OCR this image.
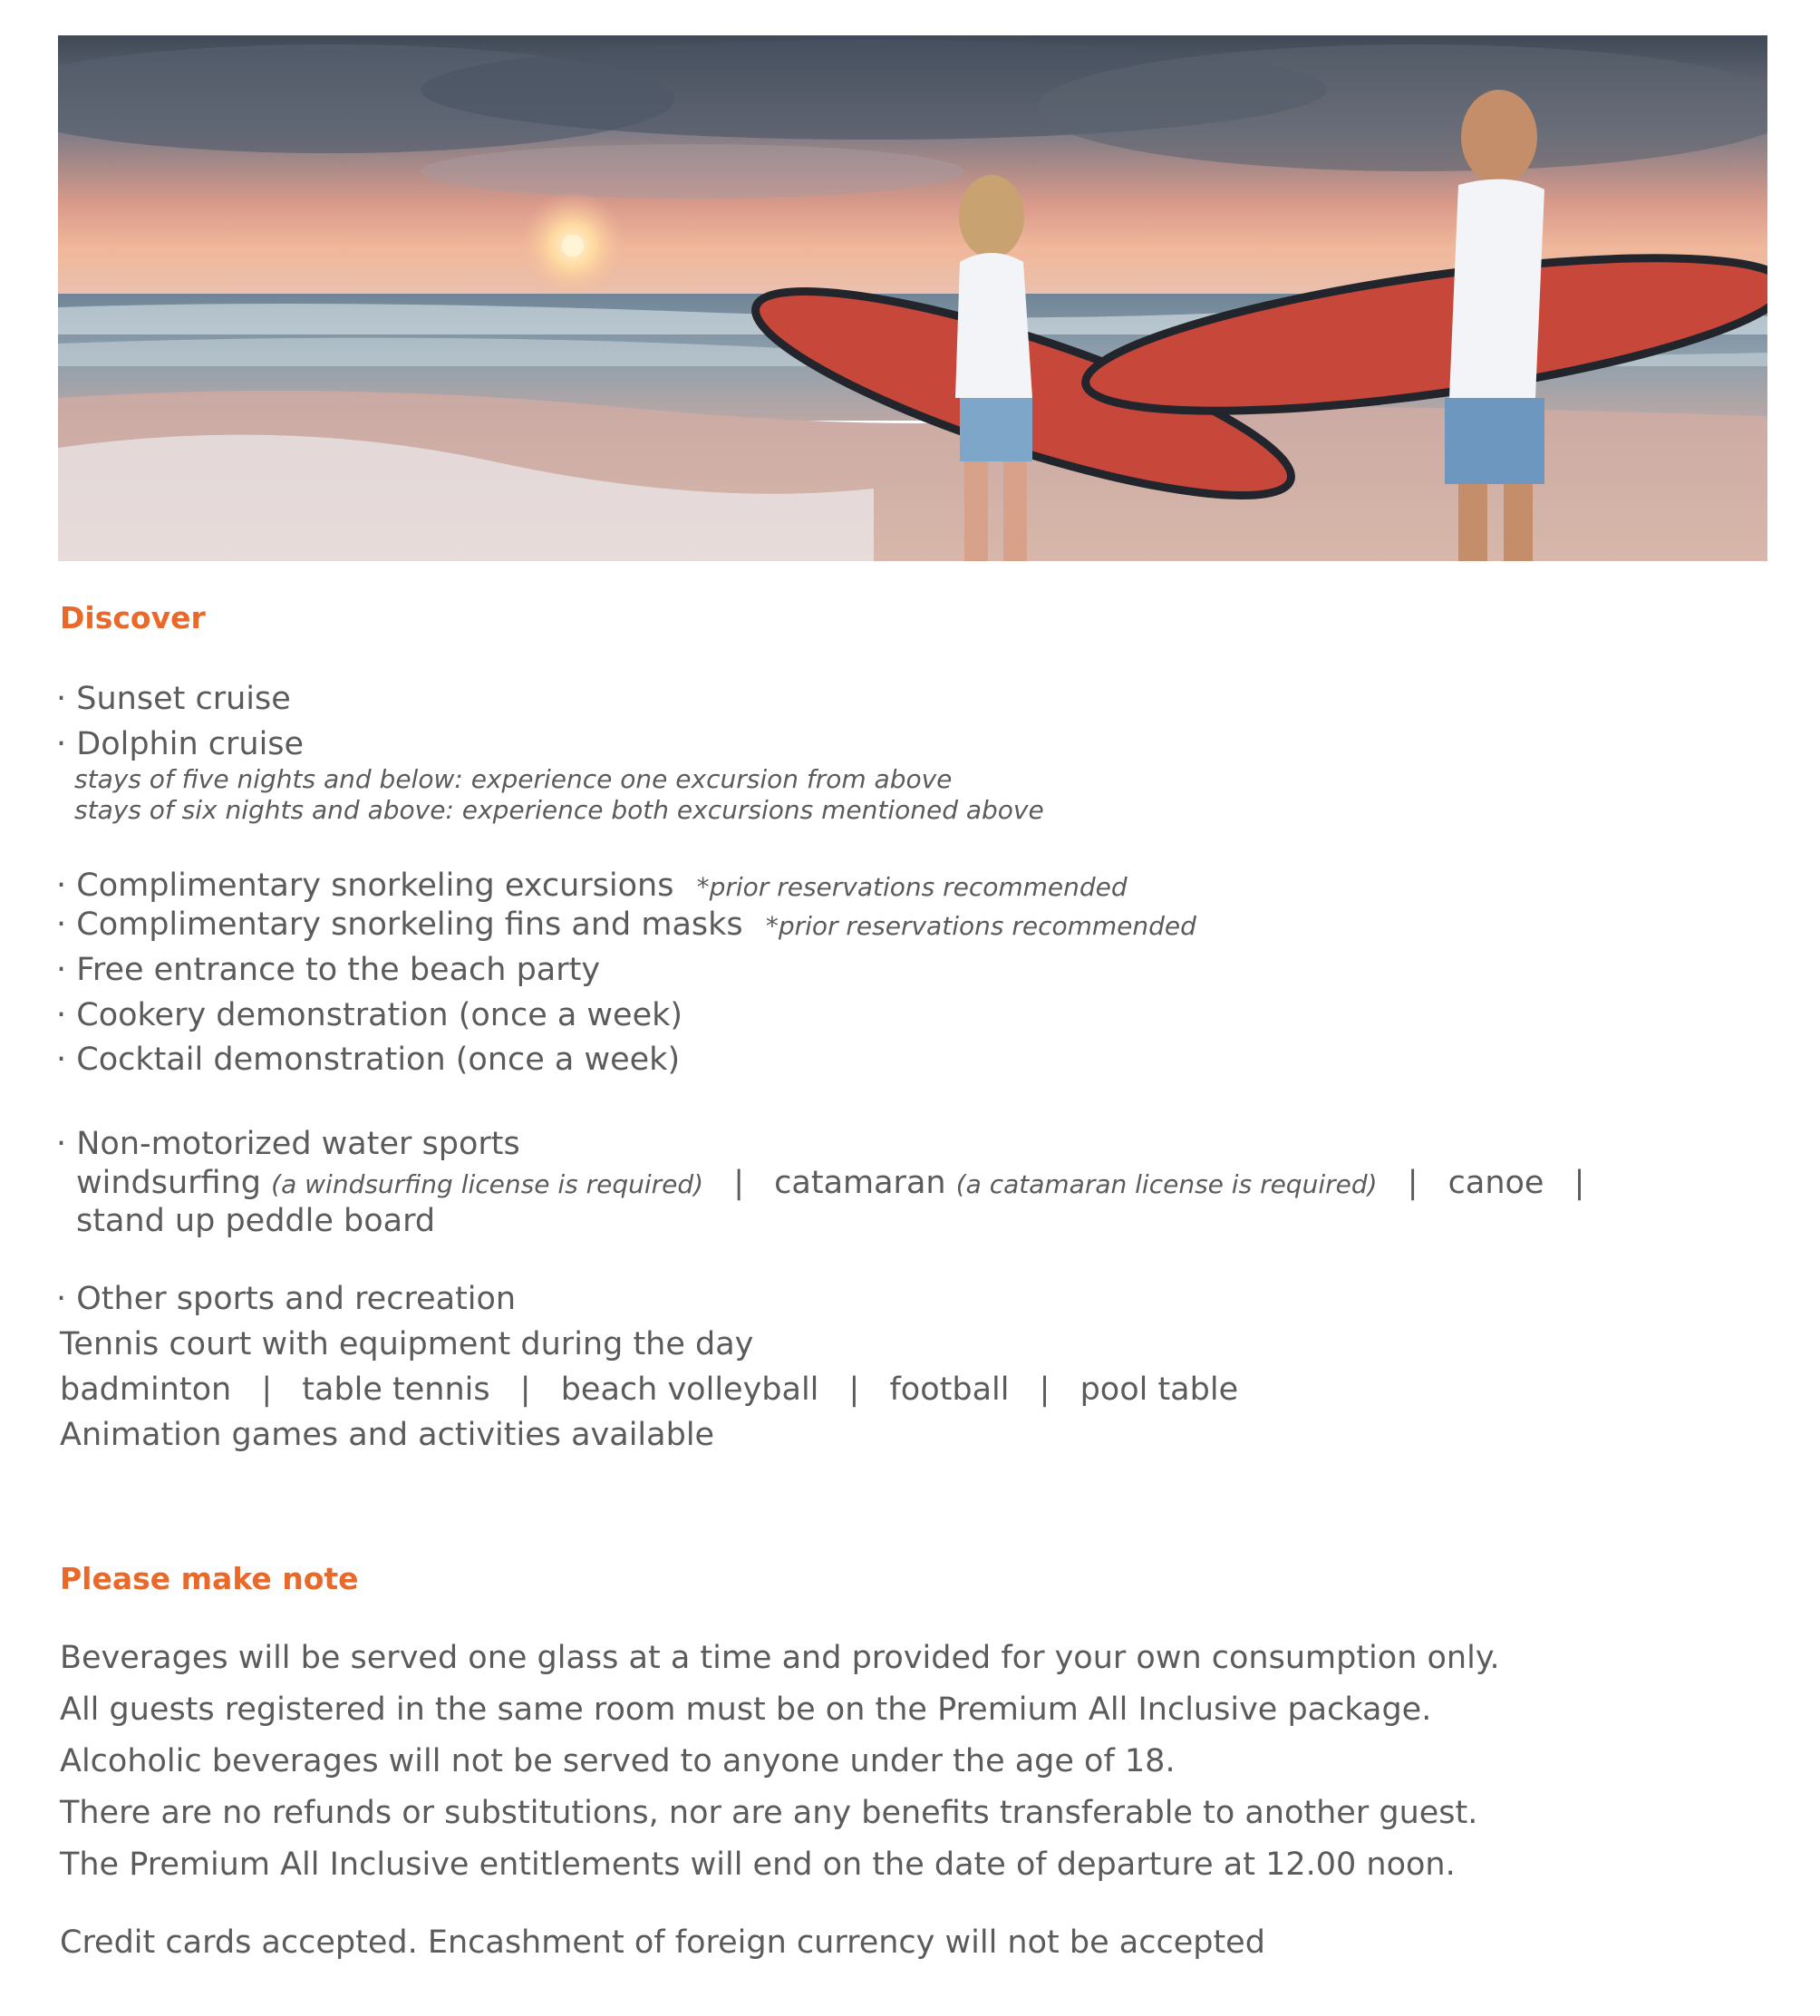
Discover
· Sunset cruise
· Dolphin cruise
stays of five nights and below: experience one excursion from above
stays of six nights and above: experience both excursions mentioned above
· Complimentary snorkeling excursions *prior reservations recommended
· Complimentary snorkeling fins and masks *prior reservations recommended
· Free entrance to the beach party
· Cookery demonstration (once a week)
· Cocktail demonstration (once a week)
· Non-motorized water sports
windsurfing (a windsurfing license is required) | catamaran (a catamaran license is required) | canoe |
stand up peddle board
· Other sports and recreation
Tennis court with equipment during the day
badminton | table tennis | beach volleyball | football | pool table
Animation games and activities available
Please make note
Beverages will be served one glass at a time and provided for your own consumption only.
All guests registered in the same room must be on the Premium All Inclusive package.
Alcoholic beverages will not be served to anyone under the age of 18.
There are no refunds or substitutions, nor are any benefits transferable to another guest.
The Premium All Inclusive entitlements will end on the date of departure at 12.00 noon.
Credit cards accepted. Encashment of foreign currency will not be accepted
